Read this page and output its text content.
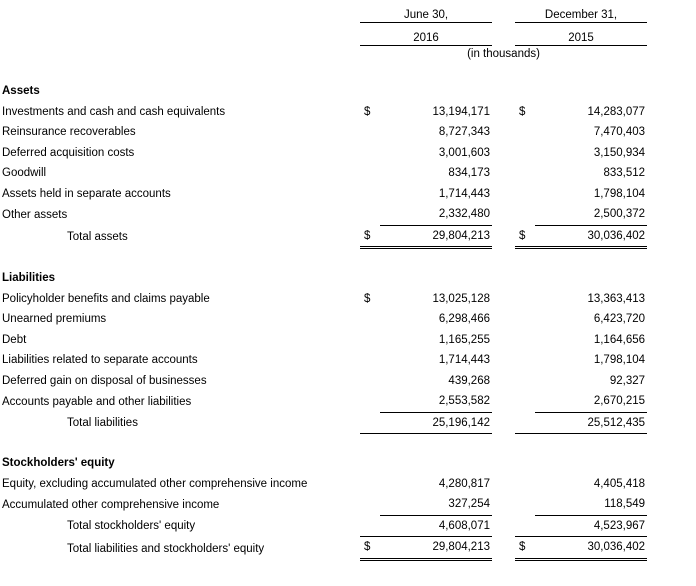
	June 30,			December 31,		
	2016			2015		
	(in thousands)					

Assets						
Investments and cash and cash equivalents	$	13,194,171		$	14,283,077	
Reinsurance recoverables		8,727,343			7,470,403	
Deferred acquisition costs		3,001,603			3,150,934	
Goodwill		834,173			833,512	
Assets held in separate accounts		1,714,443			1,798,104	
Other assets		2,332,480			2,500,372	
Total assets	$	29,804,213		$	30,036,402	

Liabilities						
Policyholder benefits and claims payable	$	13,025,128			13,363,413	
Unearned premiums		6,298,466			6,423,720	
Debt		1,165,255			1,164,656	
Liabilities related to separate accounts		1,714,443			1,798,104	
Deferred gain on disposal of businesses		439,268			92,327	
Accounts payable and other liabilities		2,553,582			2,670,215	
Total liabilities		25,196,142			25,512,435	

Stockholders' equity						
Equity, excluding accumulated other comprehensive income		4,280,817			4,405,418	
Accumulated other comprehensive income		327,254			118,549	
Total stockholders' equity		4,608,071			4,523,967	
Total liabilities and stockholders' equity	$	29,804,213		$	30,036,402	
